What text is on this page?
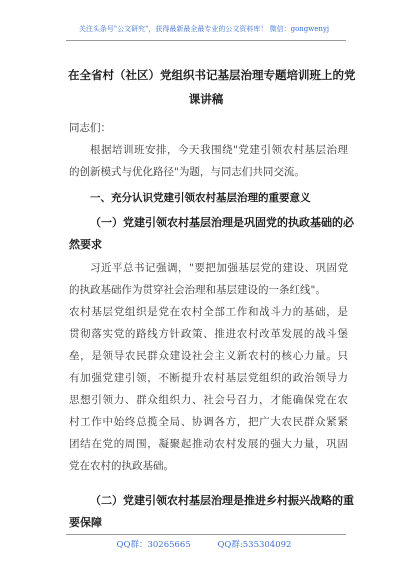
关注头条号"公文研究"，获得最新最全最专业的公文资料库！ 微信：gongwenyj
在全省村（社区）党组织书记基层治理专题培训班上的党
课讲稿
同志们：
根据培训班安排，今天我围绕"党建引领农村基层治理
的创新模式与优化路径"为题，与同志们共同交流。
一、充分认识党建引领农村基层治理的重要意义
（一）党建引领农村基层治理是巩固党的执政基础的必
然要求
习近平总书记强调，"要把加强基层党的建设、巩固党
的执政基础作为贯穿社会治理和基层建设的一条红线"。
农村基层党组织是党在农村全部工作和战斗力的基础，是
贯彻落实党的路线方针政策、推进农村改革发展的战斗堡
垒，是领导农民群众建设社会主义新农村的核心力量。只
有加强党建引领，不断提升农村基层党组织的政治领导力
思想引领力、群众组织力、社会号召力，才能确保党在农
村工作中始终总揽全局、协调各方，把广大农民群众紧紧
团结在党的周围，凝聚起推动农村发展的强大力量，巩固
党在农村的执政基础。
（二）党建引领农村基层治理是推进乡村振兴战略的重
要保障
QQ群：30265665	QQ群:535304092
